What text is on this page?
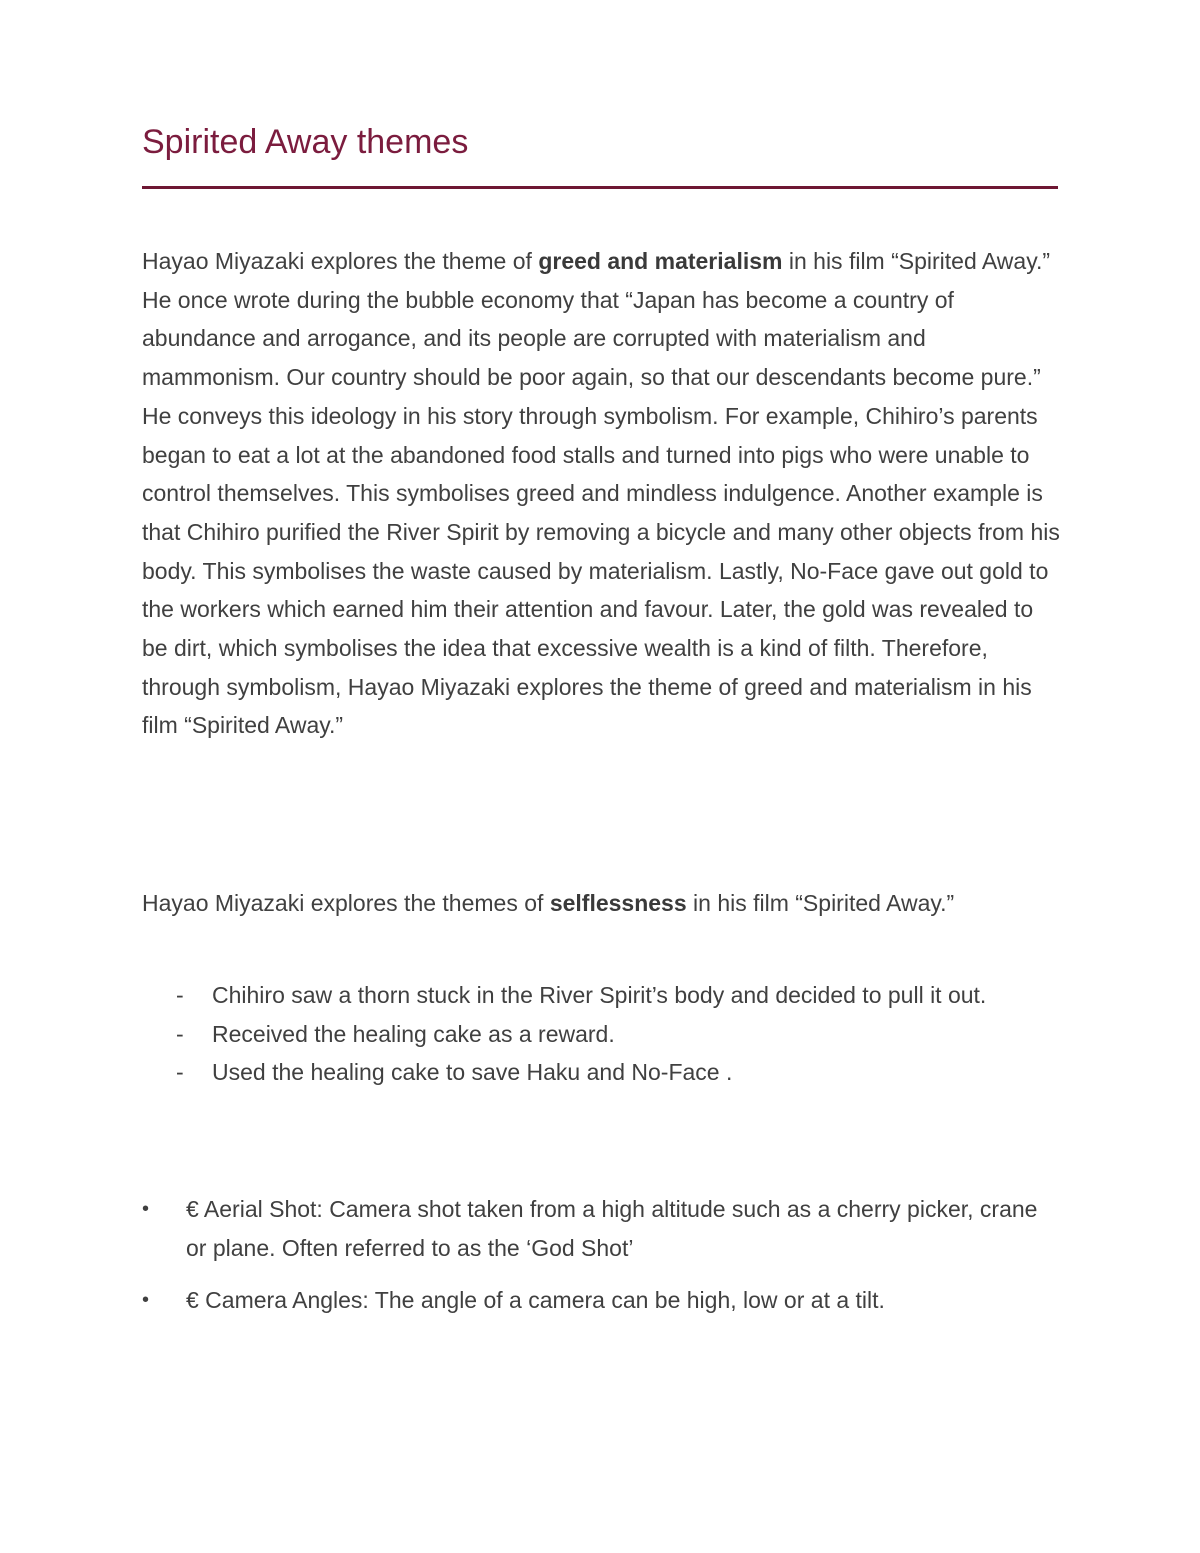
Spirited Away themes

Hayao Miyazaki explores the theme of greed and materialism in his film “Spirited Away.” He once wrote during the bubble economy that “Japan has become a country of abundance and arrogance, and its people are corrupted with materialism and mammonism. Our country should be poor again, so that our descendants become pure.” He conveys this ideology in his story through symbolism. For example, Chihiro’s parents began to eat a lot at the abandoned food stalls and turned into pigs who were unable to control themselves. This symbolises greed and mindless indulgence. Another example is that Chihiro purified the River Spirit by removing a bicycle and many other objects from his body. This symbolises the waste caused by materialism. Lastly, No-Face gave out gold to the workers which earned him their attention and favour. Later, the gold was revealed to be dirt, which symbolises the idea that excessive wealth is a kind of filth. Therefore, through symbolism, Hayao Miyazaki explores the theme of greed and materialism in his film “Spirited Away.”

Hayao Miyazaki explores the themes of selflessness in his film “Spirited Away.”

- Chihiro saw a thorn stuck in the River Spirit’s body and decided to pull it out.
- Received the healing cake as a reward.
- Used the healing cake to save Haku and No-Face .
• € Aerial Shot: Camera shot taken from a high altitude such as a cherry picker, crane or plane. Often referred to as the ‘God Shot’
• € Camera Angles: The angle of a camera can be high, low or at a tilt.
